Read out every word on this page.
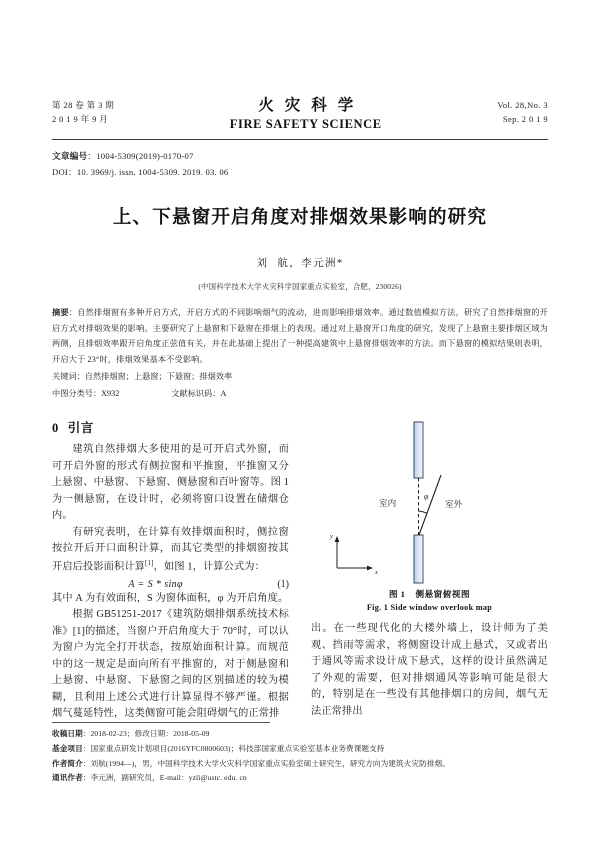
第 28 卷 第 3 期
2 0 1 9 年 9 月
火灾科学
FIRE SAFETY SCIENCE
Vol. 28,No. 3
Sep. 2 0 1 9
文章编号：1004-5309(2019)-0170-07
DOI：10. 3969/j. issn. 1004-5309. 2019. 03. 06
上、下悬窗开启角度对排烟效果影响的研究
刘 航，李元洲*
(中国科学技术大学火灾科学国家重点实验室，合肥，230026)
摘要：自然排烟窗有多种开启方式，开启方式的不同影响烟气的流动，进而影响排烟效率。通过数值模拟方法，研究了自然排烟窗的开启方式对排烟效果的影响。主要研究了上悬窗和下悬窗在排烟上的表现。通过对上悬窗开口角度的研究，发现了上悬窗主要排烟区域为两侧，且排烟效率跟开启角度正弦值有关，并在此基础上提出了一种提高建筑中上悬窗排烟效率的方法。而下悬窗的模拟结果则表明，开启大于 23°时，排烟效果基本不受影响。
关键词：自然排烟窗；上悬窗；下悬窗；排烟效率
中图分类号：X932	文献标识码：A
0 引言

建筑自然排烟大多使用的是可开启式外窗，而可开启外窗的形式有侧拉窗和平推窗，平推窗又分上悬窗、中悬窗、下悬窗、侧悬窗和百叶窗等。图 1 为一侧悬窗，在设计时，必须将窗口设置在储烟仓内。

有研究表明，在计算有效排烟面积时，侧拉窗按拉开后开口面积计算，而其它类型的排烟窗按其开启后投影面积计算[1]，如图 1，计算公式为：

A = S * sinφ	(1)

其中 A 为有效面积，S 为窗体面积，φ 为开启角度。

根据 GB51251-2017《建筑防烟排烟系统技术标准》[1]的描述，当窗户开启角度大于 70°时，可以认为窗户为完全打开状态，按原始面积计算。而规范中的这一规定是面向所有平推窗的，对于侧悬窗和上悬窗、中悬窗、下悬窗之间的区别描述的较为模糊，且利用上述公式进行计算显得不够严谨。根据烟气蔓延特性，这类侧窗可能会阻碍烟气的正常排

φ
室内	室外
y
x
图 1 侧悬窗俯视图
Fig. 1 Side window overlook map

出。在一些现代化的大楼外墙上，设计师为了美观、挡雨等需求，将侧窗设计成上悬式，又或者出于通风等需求设计成下悬式，这样的设计虽然满足了外观的需要，但对排烟通风等影响可能是很大的，特别是在一些没有其他排烟口的房间，烟气无法正常排出

收稿日期：2018-02-23；修改日期：2018-05-09
基金项目：国家重点研发计划项目(2016YFC0800603)；科技部国家重点实验室基本业务费课题支持
作者简介：刘航(1994—)，男，中国科学技术大学火灾科学国家重点实验室硕士研究生，研究方向为建筑火灾防排烟。
通讯作者：李元洲，副研究员，E-mail：yzli@ustc. edu. cn
